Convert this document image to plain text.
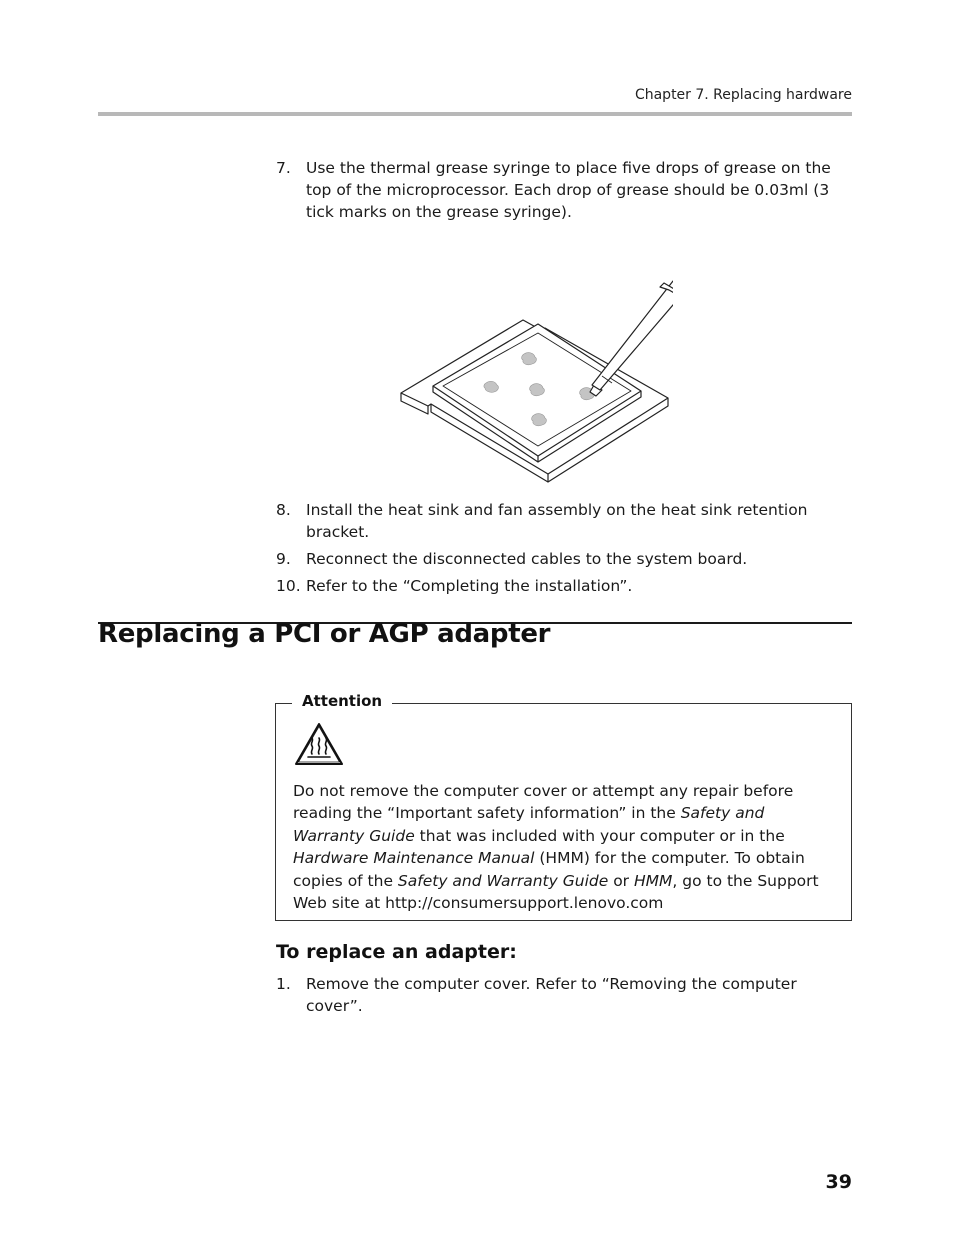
Chapter 7. Replacing hardware
7. Use the thermal grease syringe to place five drops of grease on the top of the microprocessor. Each drop of grease should be 0.03ml (3 tick marks on the grease syringe).
8. Install the heat sink and fan assembly on the heat sink retention bracket.
9. Reconnect the disconnected cables to the system board.
10. Refer to the “Completing the installation”.
Replacing a PCI or AGP adapter
Attention
Do not remove the computer cover or attempt any repair before reading the “Important safety information” in the Safety and Warranty Guide that was included with your computer or in the Hardware Maintenance Manual (HMM) for the computer. To obtain copies of the Safety and Warranty Guide or HMM, go to the Support Web site at http://consumersupport.lenovo.com
To replace an adapter:
1. Remove the computer cover. Refer to “Removing the computer cover”.
39
